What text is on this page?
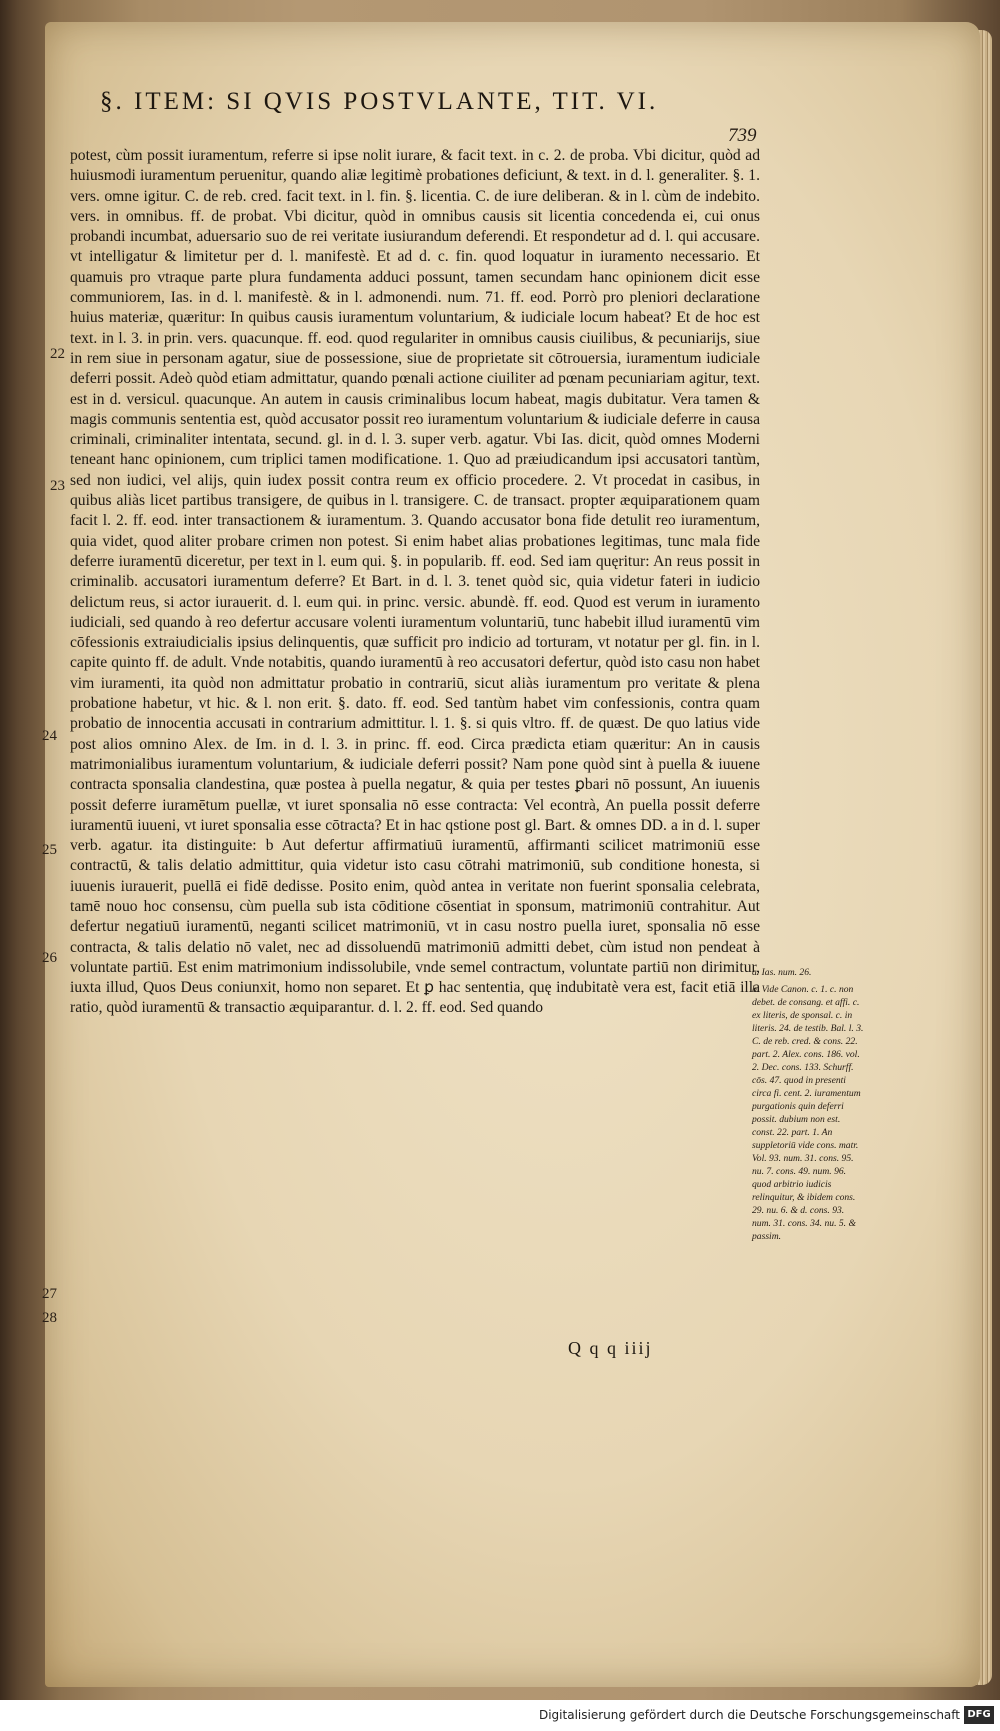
§. ITEM: SI QVIS POSTVLANTE, TIT. VI.
739

potest, cùm possit iuramentum, referre si ipse nolit iurare, & facit text. in c. 2. de proba. Vbi dicitur, quòd ad huiusmodi iuramentum peruenitur, quando aliæ legitimè probationes deficiunt, & text. in d. l. generaliter. §. 1. vers. omne igitur. C. de reb. cred. facit text. in l. fin. §. licentia. C. de iure deliberan. & in l. cùm de indebito. vers. in omnibus. ff. de probat. Vbi dicitur, quòd in omnibus causis sit licentia concedenda ei, cui onus probandi incumbat, aduersario suo de rei veritate iusiurandum deferendi. Et respondetur ad d. l. qui accusare. vt intelligatur & limitetur per d. l. manifestè. Et ad d. c. fin. quod loquatur in iuramento necessario. Et quamuis pro vtraque parte plura fundamenta adduci possunt, tamen secundam hanc opinionem dicit esse communiorem, Ias. in d. l. manifestè. & in l. admonendi. num. 71. ff. eod. Porrò pro pleniori declaratione huius materiæ, quæritur: In quibus causis iuramentum voluntarium, & iudiciale locum habeat? Et de hoc est text. in l. 3. in prin. vers. quacunque. ff. eod. quod regulariter in omnibus causis ciuilibus, & pecuniarijs, siue in rem siue in personam agatur, siue de possessione, siue de proprietate sit cōtrouersia, iuramentum iudiciale deferri possit. Adeò quòd etiam admittatur, quando pœnali actione ciuiliter ad pœnam pecuniariam agitur, text. est in d. versicul. quacunque. An autem in causis criminalibus locum habeat, magis dubitatur. Vera tamen & magis communis sententia est, quòd accusator possit reo iuramentum voluntarium & iudiciale deferre in causa criminali, criminaliter intentata, secund. gl. in d. l. 3. super verb. agatur. Vbi Ias. dicit, quòd omnes Moderni teneant hanc opinionem, cum triplici tamen modificatione. 1. Quo ad præiudicandum ipsi accusatori tantùm, sed non iudici, vel alijs, quin iudex possit contra reum ex officio procedere. 2. Vt procedat in casibus, in quibus aliàs licet partibus transigere, de quibus in l. transigere. C. de transact. propter æquiparationem quam facit l. 2. ff. eod. inter transactionem & iuramentum. 3. Quando accusator bona fide detulit reo iuramentum, quia videt, quod aliter probare crimen non potest. Si enim habet alias probationes legitimas, tunc mala fide deferre iuramentū diceretur, per text in l. eum qui. §. in popularib. ff. eod. Sed iam quęritur: An reus possit in criminalib. accusatori iuramentum deferre? Et Bart. in d. l. 3. tenet quòd sic, quia videtur fateri in iudicio delictum reus, si actor iurauerit. d. l. eum qui. in princ. versic. abundè. ff. eod. Quod est verum in iuramento iudiciali, sed quando à reo defertur accusare volenti iuramentum voluntariū, tunc habebit illud iuramentū vim cōfessionis extraiudicialis ipsius delinquentis, quæ sufficit pro indicio ad torturam, vt notatur per gl. fin. in l. capite quinto ff. de adult. Vnde notabitis, quando iuramentū à reo accusatori defertur, quòd isto casu non habet vim iuramenti, ita quòd non admittatur probatio in contrariū, sicut aliàs iuramentum pro veritate & plena probatione habetur, vt hic. & l. non erit. §. dato. ff. eod. Sed tantùm habet vim confessionis, contra quam probatio de innocentia accusati in contrarium admittitur. l. 1. §. si quis vltro. ff. de quæst. De quo latius vide post alios omnino Alex. de Im. in d. l. 3. in princ. ff. eod. Circa prædicta etiam quæritur: An in causis matrimonialibus iuramentum voluntarium, & iudiciale deferri possit? Nam pone quòd sint à puella & iuuene contracta sponsalia clandestina, quæ postea à puella negatur, & quia per testes ꝑbari nō possunt, An iuuenis possit deferre iuramētum puellæ, vt iuret sponsalia nō esse contracta: Vel econtrà, An puella possit deferre iuramentū iuueni, vt iuret sponsalia esse cōtracta? Et in hac qstione post gl. Bart. & omnes DD. a in d. l. super verb. agatur. ita distinguite: b Aut defertur affirmatiuū iuramentū, affirmanti scilicet matrimoniū esse contractū, & talis delatio admittitur, quia videtur isto casu cōtrahi matrimoniū, sub conditione honesta, si iuuenis iurauerit, puellā ei fidē dedisse. Posito enim, quòd antea in veritate non fuerint sponsalia celebrata, tamē nouo hoc consensu, cùm puella sub ista cōditione cōsentiat in sponsum, matrimoniū contrahitur. Aut defertur negatiuū iuramentū, neganti scilicet matrimoniū, vt in casu nostro puella iuret, sponsalia nō esse contracta, & talis delatio nō valet, nec ad dissoluendū matrimoniū admitti debet, cùm istud non pendeat à voluntate partiū. Est enim matrimonium indissolubile, vnde semel contractum, voluntate partiū non dirimitur, iuxta illud, Quos Deus coniunxit, homo non separet. Et ꝑ hac sententia, quę indubitatè vera est, facit etiā illa ratio, quòd iuramentū & transactio æquiparantur. d. l. 2. ff. eod. Sed quando

22
23
24
25
26
27
28
a. Ias. num. 26.
b. Vide Canon. c. 1. c. non debet. de consang. et affi. c. ex literis, de sponsal. c. in literis. 24. de testib. Bal. l. 3. C. de reb. cred. & cons. 22. part. 2. Alex. cons. 186. vol. 2. Dec. cons. 133. Schurff. cōs. 47. quod in presenti circa fi. cent. 2. iuramentum purgationis quin deferri possit. dubium non est. const. 22. part. 1. An suppletoriū vide cons. matr. Vol. 93. num. 31. cons. 95. nu. 7. cons. 49. num. 96. quod arbitrio iudicis relinquitur, & ibidem cons. 29. nu. 6. & d. cons. 93. num. 31. cons. 34. nu. 5. & passim.
Q q q iiij
Digitalisierung gefördert durch die Deutsche Forschungsgemeinschaft DFG
